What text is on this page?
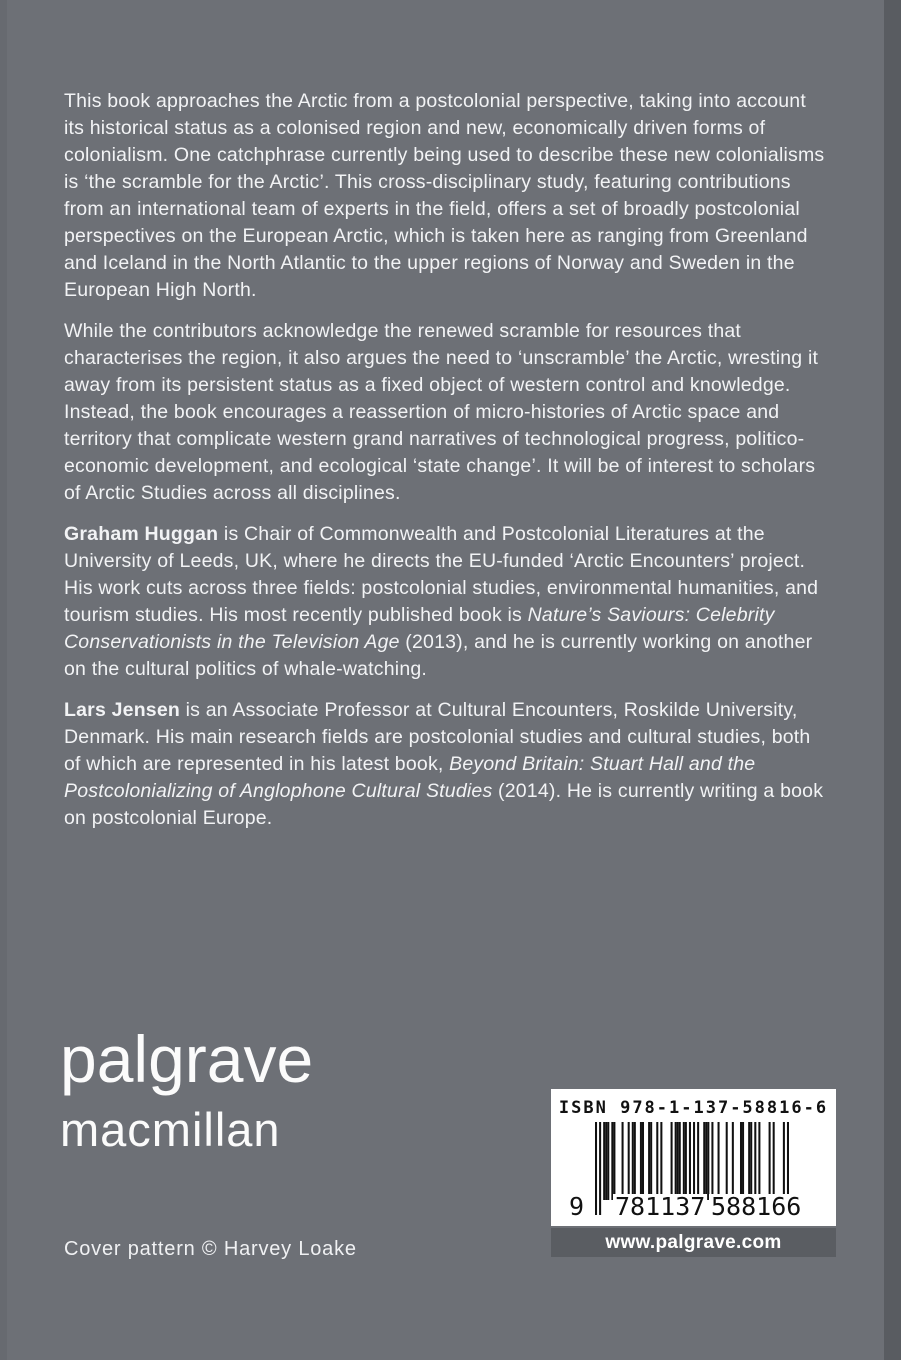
This book approaches the Arctic from a postcolonial perspective, taking into account its historical status as a colonised region and new, economically driven forms of colonialism. One catchphrase currently being used to describe these new colonialisms is ‘the scramble for the Arctic’. This cross-disciplinary study, featuring contributions from an international team of experts in the field, offers a set of broadly postcolonial perspectives on the European Arctic, which is taken here as ranging from Greenland and Iceland in the North Atlantic to the upper regions of Norway and Sweden in the European High North.

While the contributors acknowledge the renewed scramble for resources that characterises the region, it also argues the need to ‘unscramble’ the Arctic, wresting it away from its persistent status as a fixed object of western control and knowledge. Instead, the book encourages a reassertion of micro-histories of Arctic space and territory that complicate western grand narratives of technological progress, politico-economic development, and ecological ‘state change’. It will be of interest to scholars of Arctic Studies across all disciplines.

Graham Huggan is Chair of Commonwealth and Postcolonial Literatures at the University of Leeds, UK, where he directs the EU-funded ‘Arctic Encounters’ project. His work cuts across three fields: postcolonial studies, environmental humanities, and tourism studies. His most recently published book is Nature’s Saviours: Celebrity Conservationists in the Television Age (2013), and he is currently working on another on the cultural politics of whale-watching.

Lars Jensen is an Associate Professor at Cultural Encounters, Roskilde University, Denmark. His main research fields are postcolonial studies and cultural studies, both of which are represented in his latest book, Beyond Britain: Stuart Hall and the Postcolonializing of Anglophone Cultural Studies (2014). He is currently writing a book on postcolonial Europe.

palgrave
macmillan	ISBN 978-1-137-58816-6
9 781137 588166
www.palgrave.com
Cover pattern © Harvey Loake
